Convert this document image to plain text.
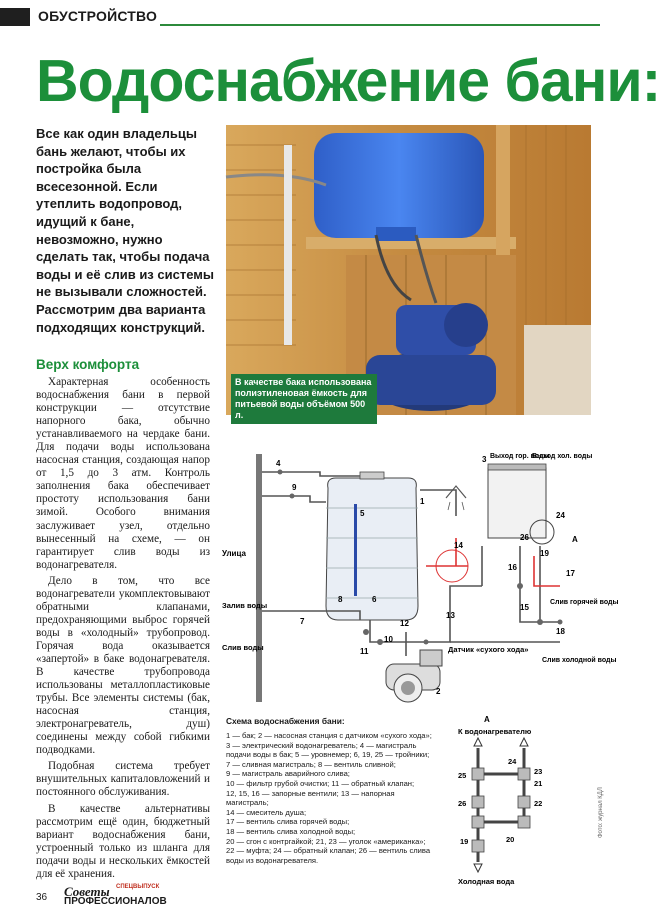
ОБУСТРОЙСТВО
Водоснабжение бани:
Все как один владельцы бань желают, чтобы их постройка была всесезонной. Если утеплить водопровод, идущий к бане, невозможно, нужно сделать так, чтобы подача воды и её слив из системы не вызывали сложностей. Рассмотрим два варианта подходящих конструкций.
В качестве бака использована полиэтиленовая ёмкость для питьевой воды объёмом 500 л.
Верх комфорта

Характерная особенность водоснабжения бани в первой конструкции — отсутствие напорного бака, обычно устанавливаемого на чердаке бани. Для подачи воды использована насосная станция, создающая напор от 1,5 до 3 атм. Контроль заполнения бака обеспечивает простоту использования бани зимой. Особого внимания заслуживает узел, отдельно вынесенный на схеме, — он гарантирует слив воды из водонагревателя.

Дело в том, что все водонагреватели укомплектовывают обратными клапанами, предохраняющими выброс горячей воды в «холодный» трубопровод. Горячая вода оказывается «запертой» в баке водонагревателя. В качестве трубопровода использованы металлопластиковые трубы. Все элементы системы (бак, насосная станция, электронагреватель, душ) соединены между собой гибкими подводками.

Подобная система требует внушительных капиталовложений и постоянного обслуживания.

В качестве альтернативы рассмотрим ещё один, бюджетный вариант водоснабжения бани, устроенный только из шланга для подачи воды и нескольких ёмкостей для её хранения.

Улица
Залив воды
Слив воды
Выход гор. воды
Выход хол. воды
Слив горячей воды
Слив холодной воды
Датчик «сухого хода»
А
1
2
3
4
5
6
7
8
9
10
11
12
13
14
15
16
17
18
19
24
26
Схема водоснабжения бани:
1 — бак; 2 — насосная станция с датчиком «сухого хода»;
3 — электрический водонагреватель; 4 — магистраль
подачи воды в бак; 5 — уровнемер; 6, 19, 25 — тройники;
7 — сливная магистраль; 8 — вентиль сливной;
9 — магистраль аварийного слива;
10 — фильтр грубой очистки; 11 — обратный клапан;
12, 15, 16 — запорные вентили; 13 — напорная магистраль;
14 — смеситель душа;
17 — вентиль слива горячей воды;
18 — вентиль слива холодной воды;
20 — сгон с контргайкой; 21, 23 — уголок «американка»;
22 — муфта; 24 — обратный клапан; 26 — вентиль слива
воды из водонагревателя.
А
К водонагревателю
24
23
25
21
22
26
19	20
Холодная вода
Фото: журнал КДЛ
36 Советы
ПРОФЕССИОНАЛОВ
СПЕЦВЫПУСК
